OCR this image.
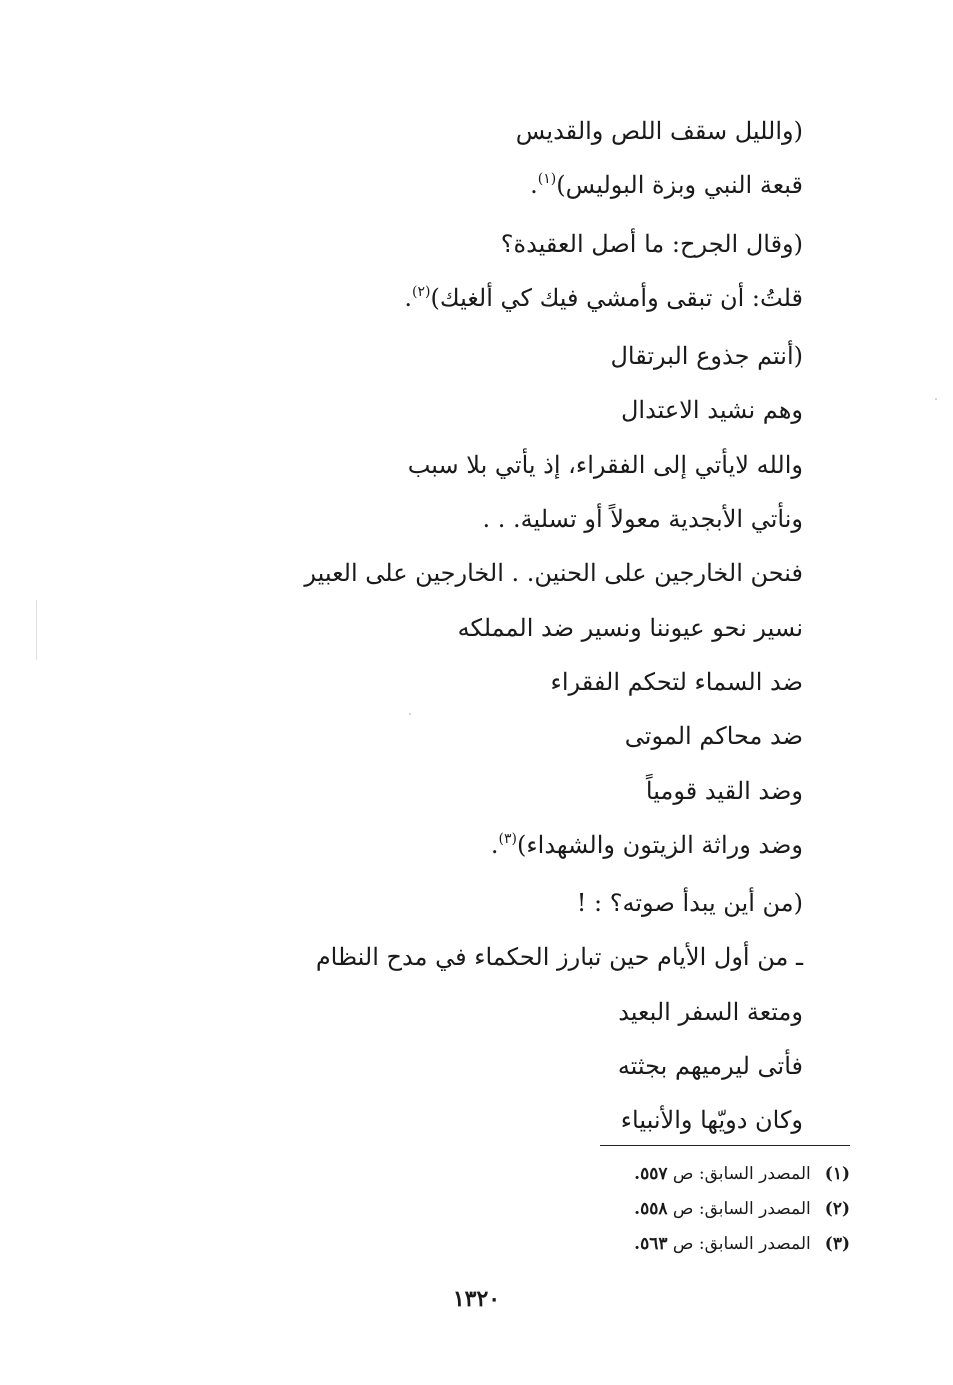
(والليل سقف اللص والقديس
قبعة النبي وبزة البوليس)$^{(١)}$.
(وقال الجرح: ما أصل العقيدة؟
قلتُ: أن تبقى وأمشي فيك كي ألغيك)$^{(٢)}$.
(أنتم جذوع البرتقال
وهم نشيد الاعتدال
والله لايأتي إلى الفقراء، إذ يأتي بلا سبب
ونأتي الأبجدية معولاً أو تسلية. . .
فنحن الخارجين على الحنين. . الخارجين على العبير
نسير نحو عيوننا ونسير ضد المملكه
ضد السماء لتحكم الفقراء
ضد محاكم الموتى
وضد القيد قومياً
وضد وراثة الزيتون والشهداء)$^{(٣)}$.
(من أين يبدأ صوته؟ : !
ـ من أول الأيام حين تبارز الحكماء في مدح النظام
ومتعة السفر البعيد
فأتى ليرميهم بجثته
وكان دويّها والأنبياء
(١)المصدر السابق: ص ٥٥٧.
(٢)المصدر السابق: ص ٥٥٨.
(٣)المصدر السابق: ص ٥٦٣.
١٣٢٠
